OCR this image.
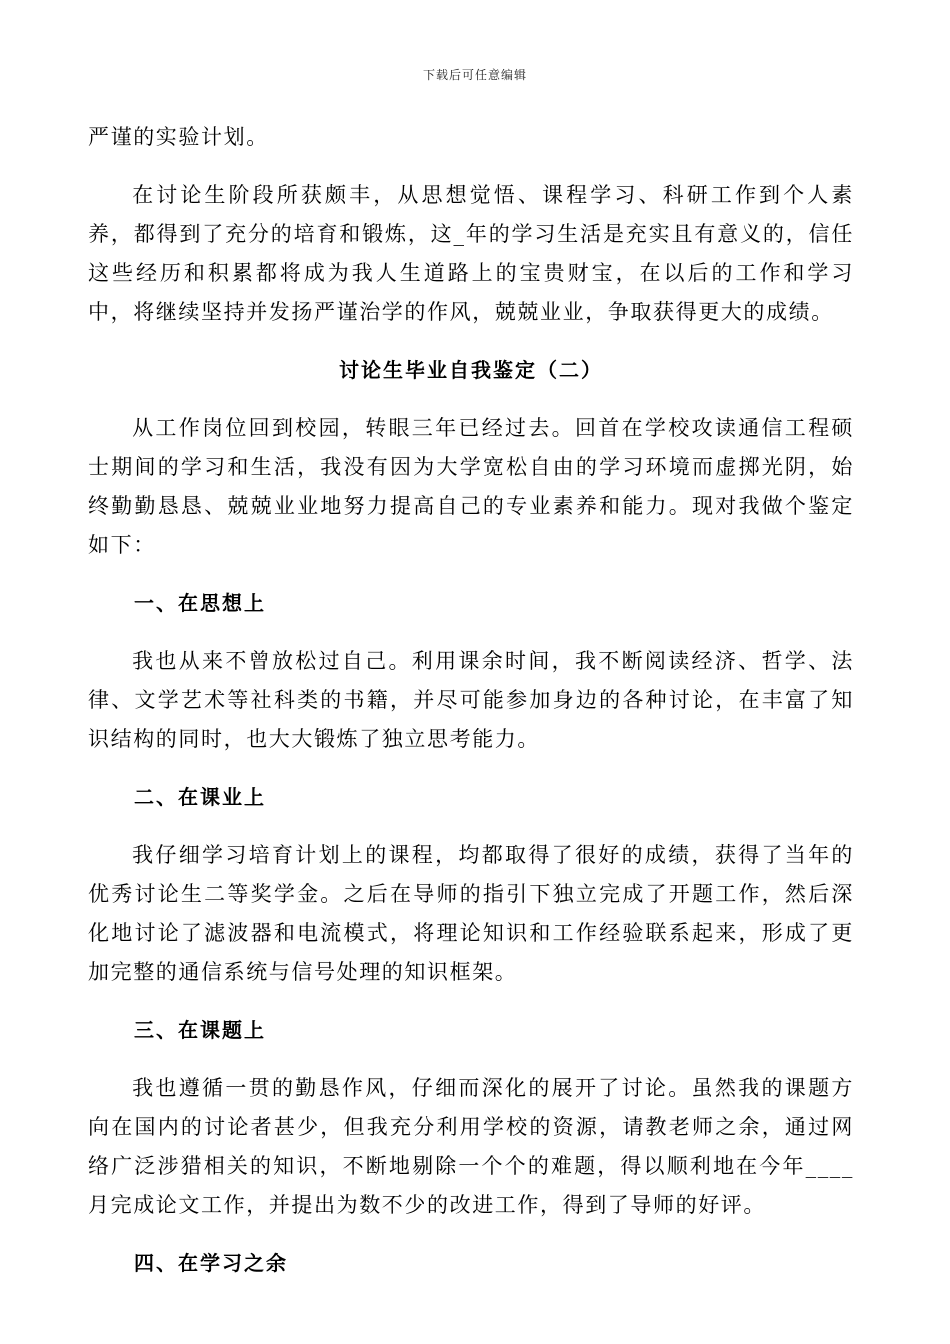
下载后可任意编辑

严谨的实验计划。

在讨论生阶段所获颇丰，从思想觉悟、课程学习、科研工作到个人素养，都得到了充分的培育和锻炼，这_年的学习生活是充实且有意义的，信任这些经历和积累都将成为我人生道路上的宝贵财宝，在以后的工作和学习中，将继续坚持并发扬严谨治学的作风，兢兢业业，争取获得更大的成绩。

讨论生毕业自我鉴定（二）

从工作岗位回到校园，转眼三年已经过去。回首在学校攻读通信工程硕士期间的学习和生活，我没有因为大学宽松自由的学习环境而虚掷光阴，始终勤勤恳恳、兢兢业业地努力提高自己的专业素养和能力。现对我做个鉴定如下：

一、在思想上

我也从来不曾放松过自己。利用课余时间，我不断阅读经济、哲学、法律、文学艺术等社科类的书籍，并尽可能参加身边的各种讨论，在丰富了知识结构的同时，也大大锻炼了独立思考能力。

二、在课业上

我仔细学习培育计划上的课程，均都取得了很好的成绩，获得了当年的优秀讨论生二等奖学金。之后在导师的指引下独立完成了开题工作，然后深化地讨论了滤波器和电流模式，将理论知识和工作经验联系起来，形成了更加完整的通信系统与信号处理的知识框架。

三、在课题上

我也遵循一贯的勤恳作风，仔细而深化的展开了讨论。虽然我的课题方向在国内的讨论者甚少，但我充分利用学校的资源，请教老师之余，通过网络广泛涉猎相关的知识，不断地剔除一个个的难题，得以顺利地在今年____月完成论文工作，并提出为数不少的改进工作，得到了导师的好评。

四、在学习之余
